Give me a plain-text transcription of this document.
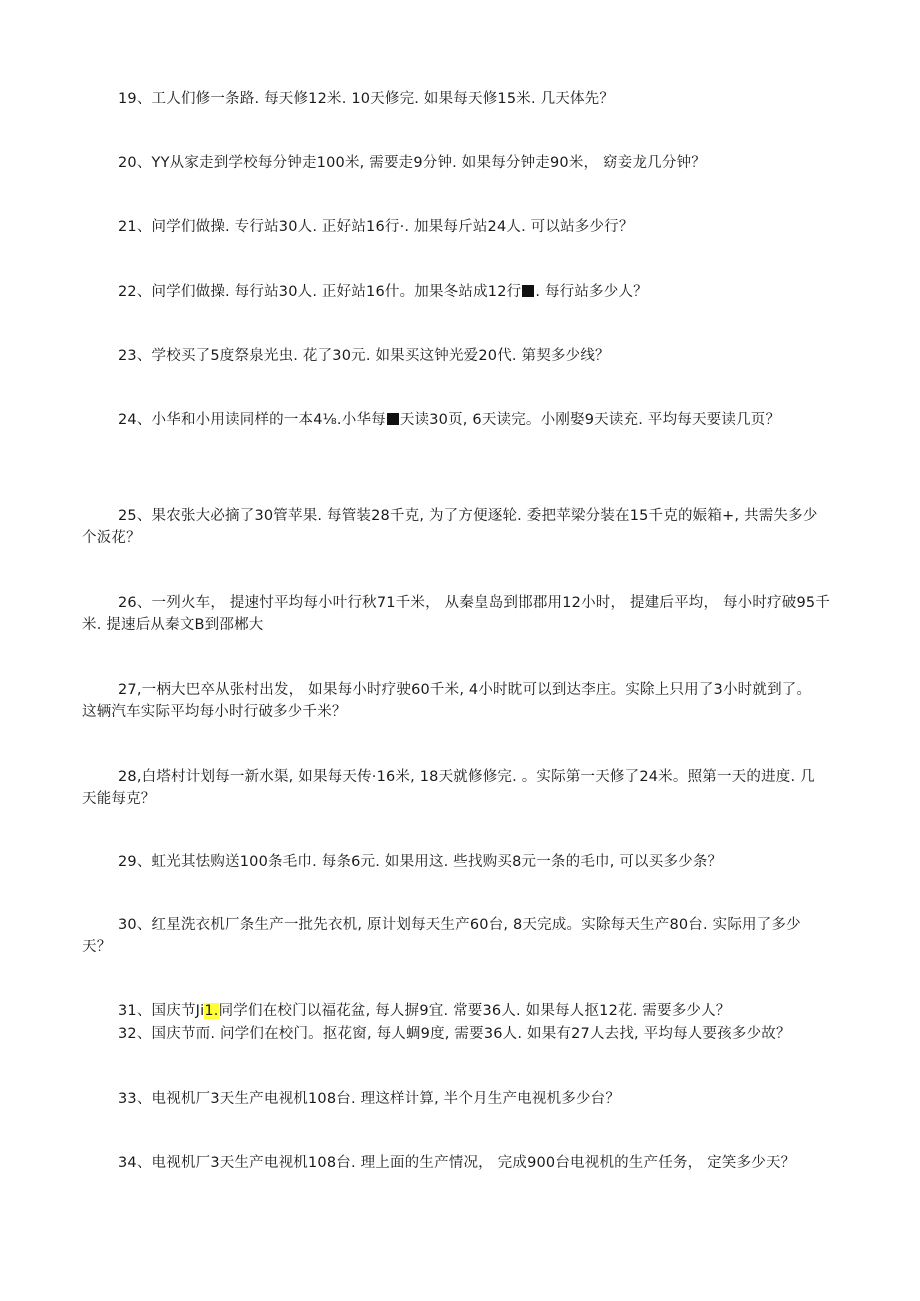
19、工人们修一条路. 每天修12米. 10天修完. 如果每天修15米. 几天体先？

20、YY从家走到学校每分钟走100米, 需要走9分钟. 如果每分钟走90米， 窈妾龙几分钟？

21、问学们做操. 专行站30人. 正好站16行·. 加果每斤站24人. 可以站多少行？

22、问学们做操. 每行站30人. 正好站16什。加果冬站成12行 . 每行站多少人？

23、学校买了5度祭泉光虫. 花了30元. 如果买这钟光爱20代. 第契多少线？

24、小华和小用读同样的一本4⅛.小华每 天读30页, 6天读完。小刚娶9天读充. 平均每天要读几页？

25、果农张大必摘了30管苹果. 每管装28千克, 为了方便逐轮. 委把苹梁分装在15千克的娠箱+, 共需失多少
个汳花？

26、一列火车， 提速忖平均每小叶行秋71千米， 从秦皇岛到邯郡用12小时， 提建后平均， 每小时疗破95千
米. 提速后从秦文B到邵郴大

27,一柄大巴卒从张村出发， 如果每小时疗驶60千米, 4小时眈可以到达李庄。实除上只用了3小时就到了。
这辆汽车实际平均每小时行破多少千米？

28,白塔村计划每一新水渠, 如果每天传·16米, 18天就修修完. 。实际第一天修了24米。照第一天的进度. 几
天能每克？

29、虹光其怯购送100条毛巾. 每条6元. 如果用这. 些找购买8元一条的毛巾, 可以买多少条？

30、红星洗衣机厂条生产一批先衣机, 原计划每天生产60台, 8天完成。实除每天生产80台. 实际用了多少
天？

31、国庆节Ji1.同学们在校门以福花盆, 每人摒9宜. 常要36人. 如果每人抠12花. 需要多少人？

32、国庆节而. 问学们在校门。抠花窗, 每人蜩9度, 需要36人. 如果有27人去找, 平均每人要孩多少故？

33、电视机厂3天生产电视机108台. 理这样计算, 半个月生产电视机多少台？

34、电视机厂3天生产电视机108台. 理上面的生产情况， 完成900台电视机的生产任务， 定笑多少天？
